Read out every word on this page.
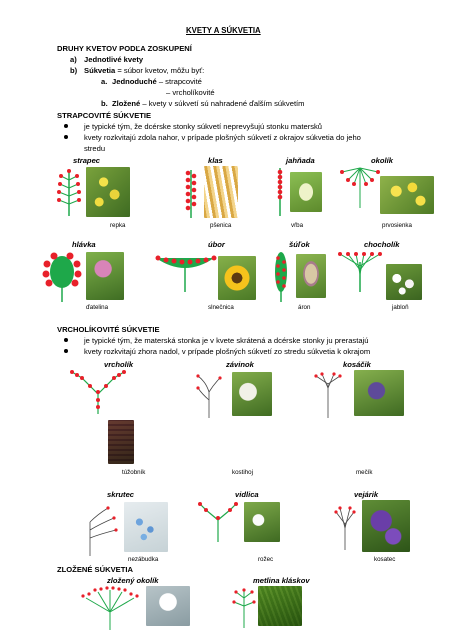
KVETY A SÚKVETIA
DRUHY KVETOV PODĽA ZOSKUPENÍ
a) Jednotlivé kvety
b) Súkvetia = súbor kvetov, môžu byť:
a. Jednoduché – strapcovité
– vrcholíkovité
b. Zložené – kvety v súkvetí sú nahradené ďalším súkvetím
STRAPCOVITÉ SÚKVETIE
je typické tým, že dcérske stonky súkvetí neprevyšujú stonku matersků
kvety rozkvitajú zdola nahor, v prípade plošných súkvetí z okrajov súkvetia do jeho
stredu
strapec	klas	jahňada	okolík
repka	pšenica	vŕba	prvosienka
hlávka	úbor	šúľok	chocholík
ďatelina	slnečnica	áron	jabloň
VRCHOLÍKOVITÉ SÚKVETIE
je typické tým, že materská stonka je v kvete skrátená a dcérske stonky ju prerastajú
kvety rozkvitajú zhora nadol, v prípade plošných súkvetí zo stredu súkvetia k okrajom
vrcholík	závinok	kosáčik
túžobník	kostihoj	mečík
skrutec	vidlica	vejárik
nezábudka	rožec	kosatec
ZLOŽENÉ SÚKVETIA
zložený okolík	metlina kláskov
